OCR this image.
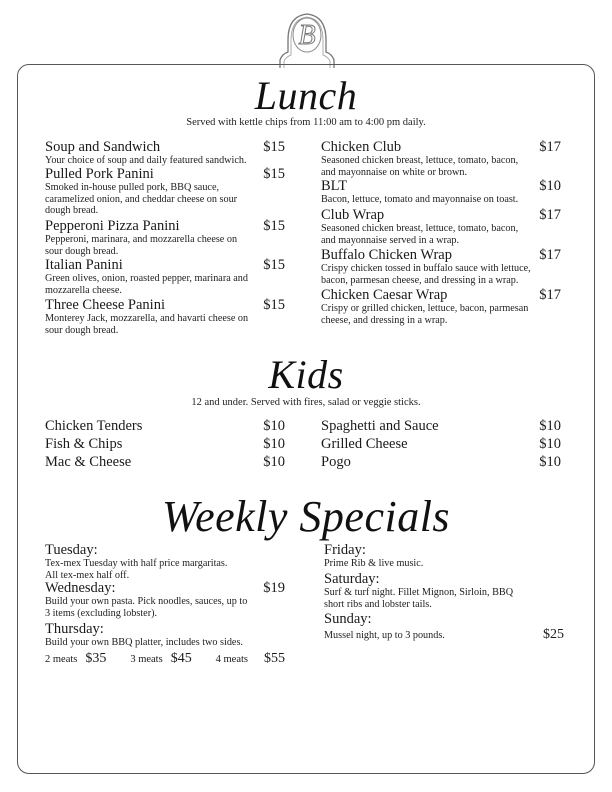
B
Lunch
Served with kettle chips from 11:00 am to 4:00 pm daily.
Soup and Sandwich	$15
Your choice of soup and daily featured sandwich.
Pulled Pork Panini	$15
Smoked in-house pulled pork, BBQ sauce,
caramelized onion, and cheddar cheese on sour
dough bread.
Pepperoni Pizza Panini	$15
Pepperoni, marinara, and mozzarella cheese on
sour dough bread.
Italian Panini	$15
Green olives, onion, roasted pepper, marinara and
mozzarella cheese.
Three Cheese Panini	$15
Monterey Jack, mozzarella, and havarti cheese on
sour dough bread.
Chicken Club	$17
Seasoned chicken breast, lettuce, tomato, bacon,
and mayonnaise on white or brown.
BLT	$10
Bacon, lettuce, tomato and mayonnaise on toast.
Club Wrap	$17
Seasoned chicken breast, lettuce, tomato, bacon,
and mayonnaise served in a wrap.
Buffalo Chicken Wrap	$17
Crispy chicken tossed in buffalo sauce with lettuce,
bacon, parmesan cheese, and dressing in a wrap.
Chicken Caesar Wrap	$17
Crispy or grilled chicken, lettuce, bacon, parmesan
cheese, and dressing in a wrap.
Kids
12 and under. Served with fires, salad or veggie sticks.
Chicken Tenders	$10
Fish & Chips	$10
Mac & Cheese	$10
Spaghetti and Sauce	$10
Grilled Cheese	$10
Pogo	$10
Weekly Specials
Tuesday:
Tex-mex Tuesday with half price margaritas.
All tex-mex half off.
Wednesday:	$19
Build your own pasta. Pick noodles, sauces, up to
3 items (excluding lobster).
Thursday:
Build your own BBQ platter, includes two sides.
2 meats $35 3 meats $45 4 meats $55
Friday:
Prime Rib & live music.
Saturday:
Surf & turf night. Fillet Mignon, Sirloin, BBQ
short ribs and lobster tails.
Sunday:
Mussel night, up to 3 pounds.	$25
